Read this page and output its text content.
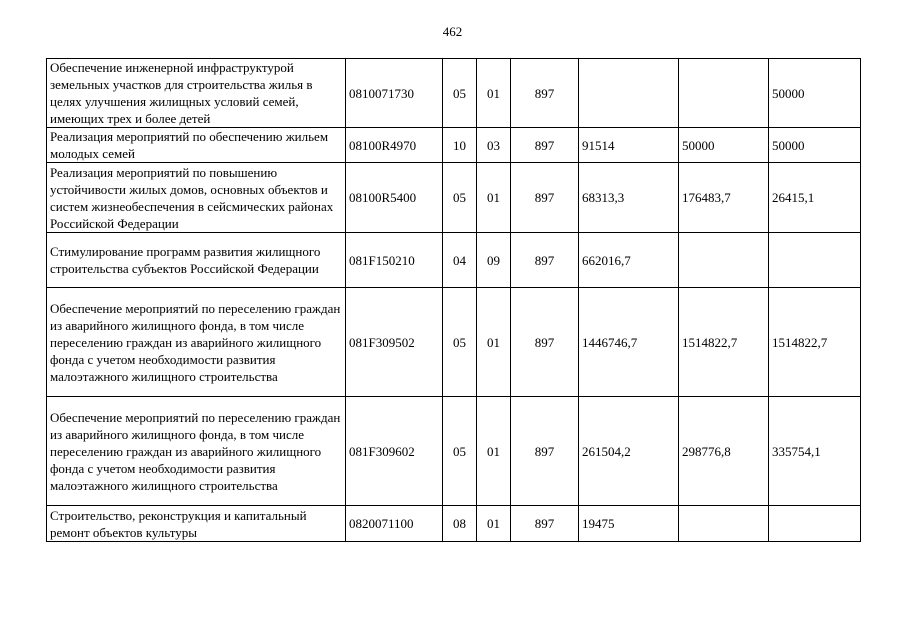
462
Обеспечение инженерной инфраструктурой земельных участков для строительства жилья в целях улучшения жилищных условий семей, имеющих трех и более детей	0810071730	05	01	897			50000
Реализация мероприятий по обеспечению жильем молодых семей	08100R4970	10	03	897	91514	50000	50000
Реализация мероприятий по повышению устойчивости жилых домов, основных объектов и систем жизнеобеспечения в сейсмических районах Российской Федерации	08100R5400	05	01	897	68313,3	176483,7	26415,1
Стимулирование программ развития жилищного строительства субъектов Российской Федерации	081F150210	04	09	897	662016,7		
Обеспечение мероприятий по переселению граждан из аварийного жилищного фонда, в том числе переселению граждан из аварийного жилищного фонда с учетом необходимости развития малоэтажного жилищного строительства	081F309502	05	01	897	1446746,7	1514822,7	1514822,7
Обеспечение мероприятий по переселению граждан из аварийного жилищного фонда, в том числе переселению граждан из аварийного жилищного фонда с учетом необходимости развития малоэтажного жилищного строительства	081F309602	05	01	897	261504,2	298776,8	335754,1
Строительство, реконструкция и капитальный ремонт объектов культуры	0820071100	08	01	897	19475		
